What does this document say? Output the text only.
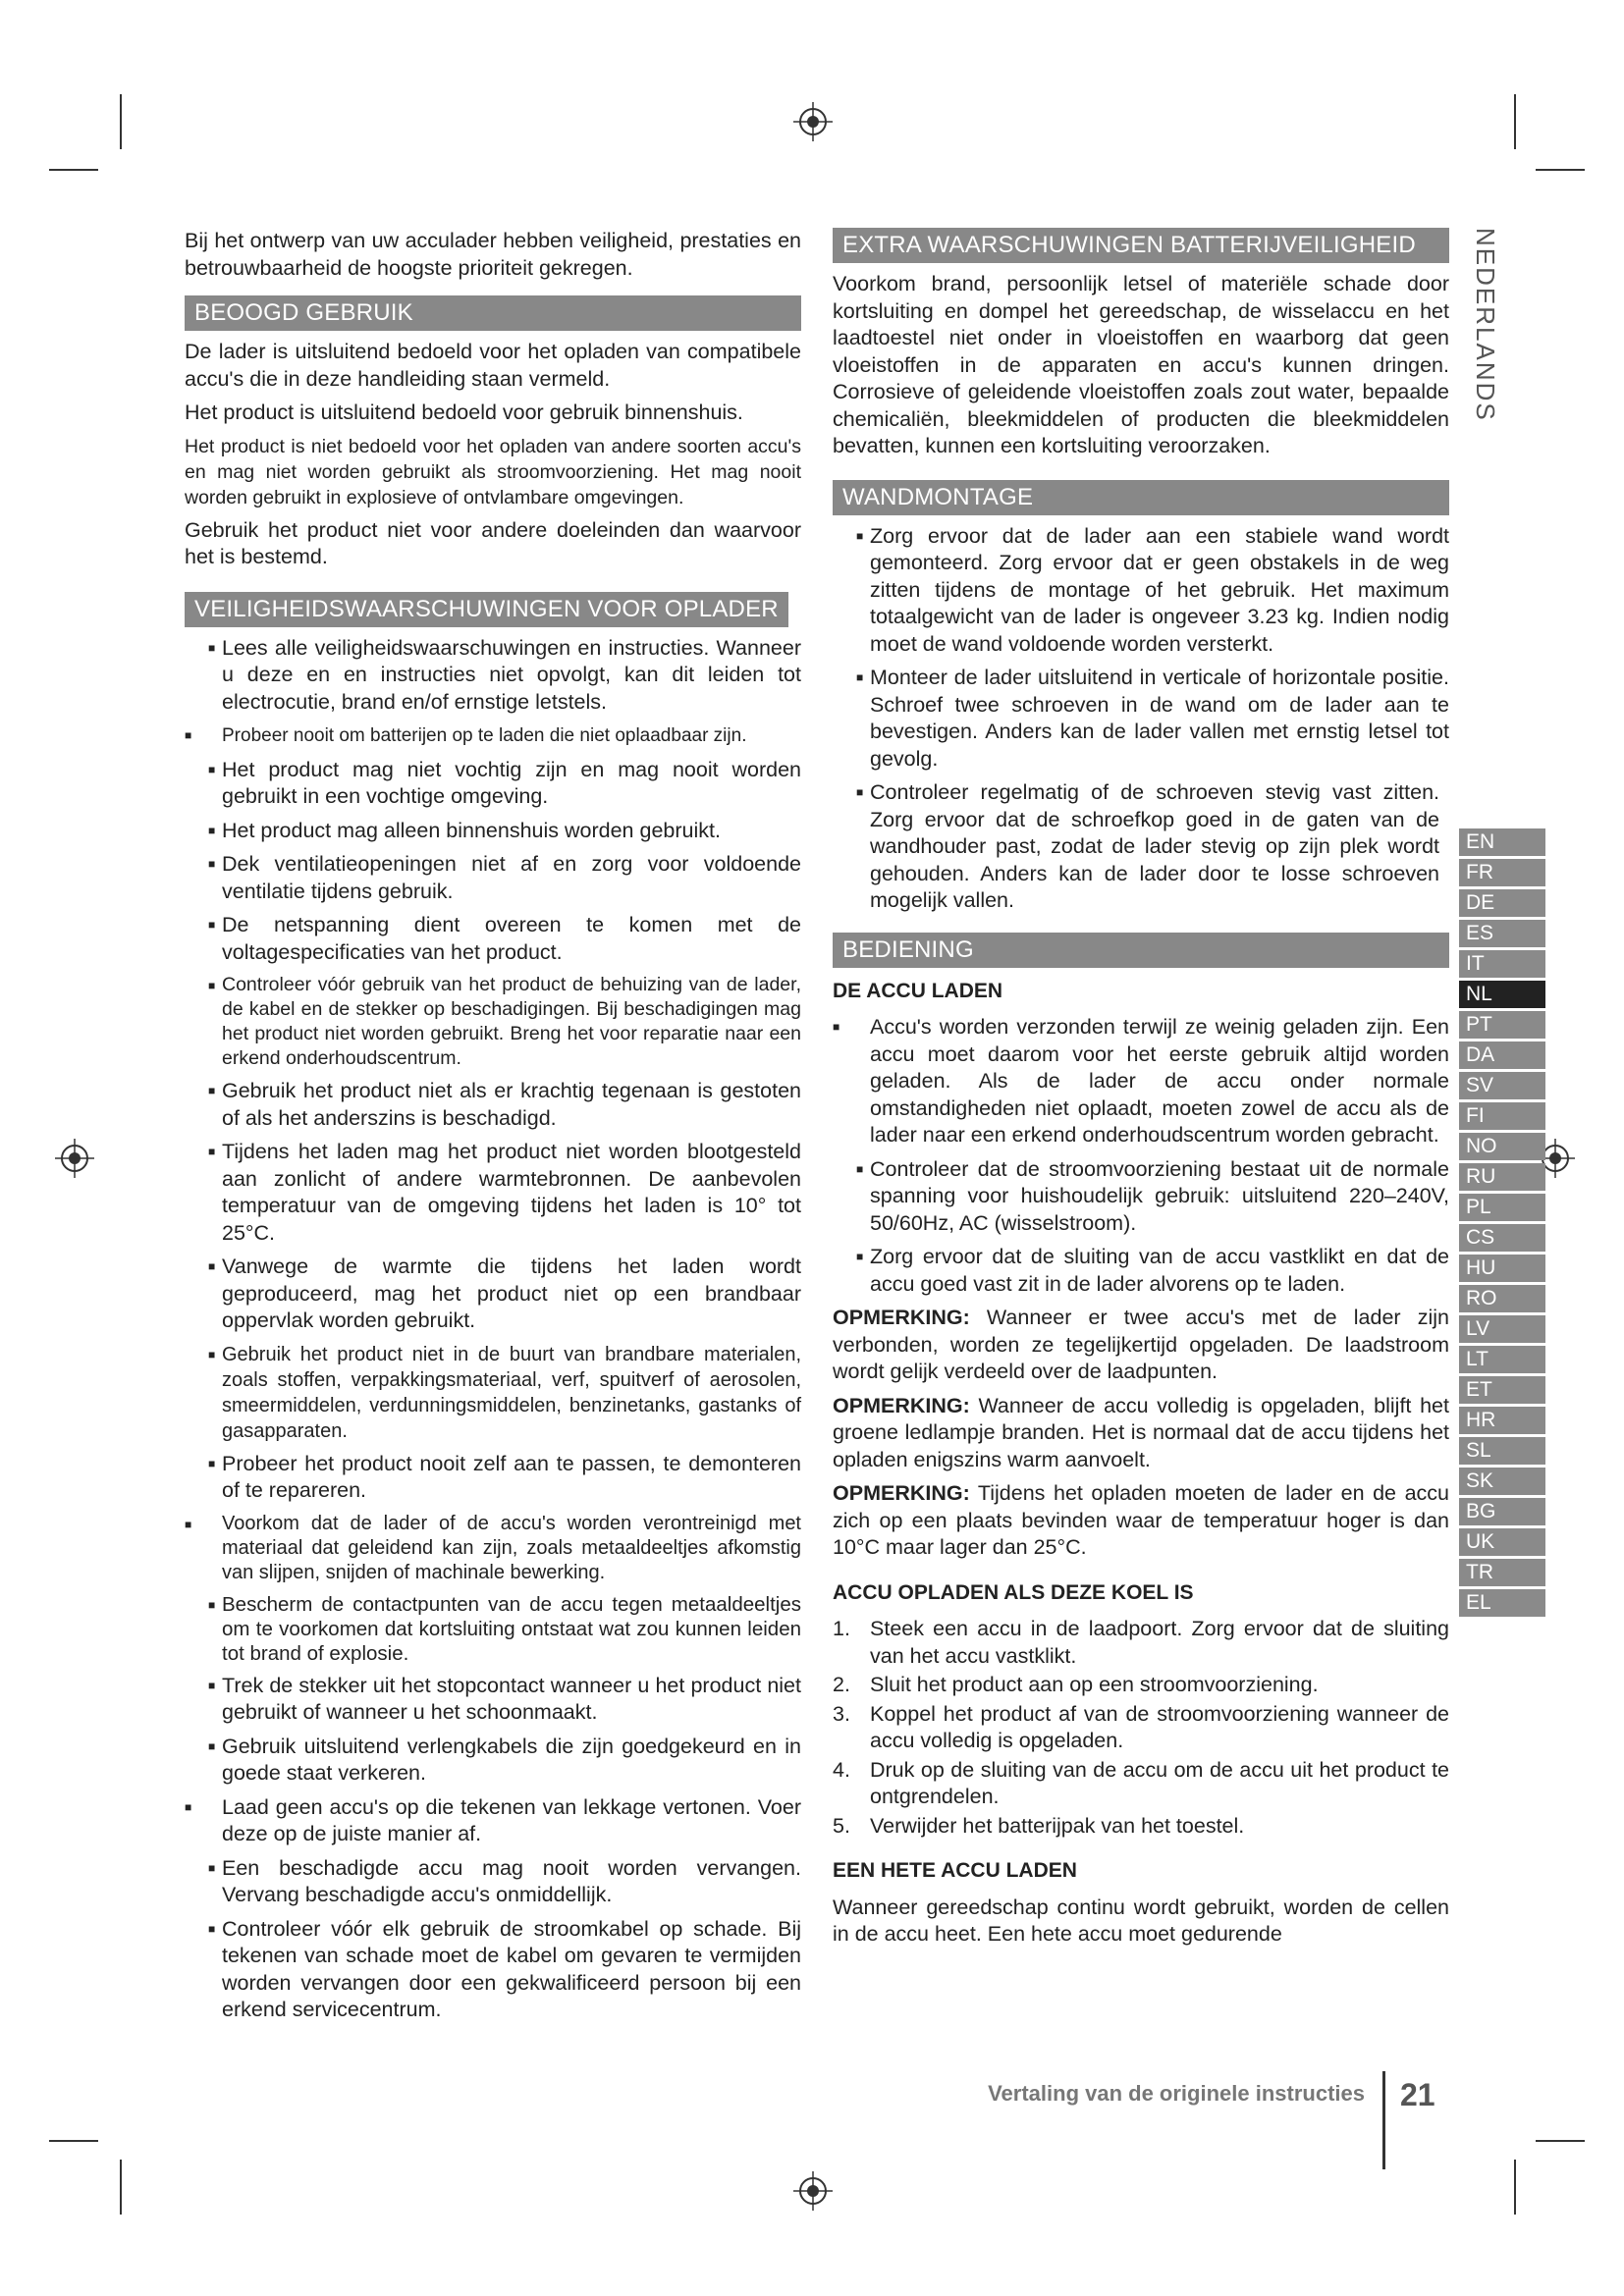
Bij het ontwerp van uw acculader hebben veiligheid, prestaties en betrouwbaarheid de hoogste prioriteit gekregen.

BEOOGD GEBRUIK

De lader is uitsluitend bedoeld voor het opladen van compatibele accu's die in deze handleiding staan vermeld.

Het product is uitsluitend bedoeld voor gebruik binnenshuis.

Het product is niet bedoeld voor het opladen van andere soorten accu's en mag niet worden gebruikt als stroomvoorziening. Het mag nooit worden gebruikt in explosieve of ontvlambare omgevingen.

Gebruik het product niet voor andere doeleinden dan waarvoor het is bestemd.

VEILIGHEIDSWAARSCHUWINGEN VOOR OPLADER
■ Lees alle veiligheidswaarschuwingen en instructies. Wanneer u deze en en instructies niet opvolgt, kan dit leiden tot electrocutie, brand en/of ernstige letstels.
■ Probeer nooit om batterijen op te laden die niet oplaadbaar zijn.
■ Het product mag niet vochtig zijn en mag nooit worden gebruikt in een vochtige omgeving.
■ Het product mag alleen binnenshuis worden gebruikt.
■ Dek ventilatieopeningen niet af en zorg voor voldoende ventilatie tijdens gebruik.
■ De netspanning dient overeen te komen met de voltagespecificaties van het product.
■ Controleer vóór gebruik van het product de behuizing van de lader, de kabel en de stekker op beschadigingen. Bij beschadigingen mag het product niet worden gebruikt. Breng het voor reparatie naar een erkend onderhoudscentrum.
■ Gebruik het product niet als er krachtig tegenaan is gestoten of als het anderszins is beschadigd.
■ Tijdens het laden mag het product niet worden blootgesteld aan zonlicht of andere warmtebronnen. De aanbevolen temperatuur van de omgeving tijdens het laden is 10° tot 25°C.
■ Vanwege de warmte die tijdens het laden wordt geproduceerd, mag het product niet op een brandbaar oppervlak worden gebruikt.
■ Gebruik het product niet in de buurt van brandbare materialen, zoals stoffen, verpakkingsmateriaal, verf, spuitverf of aerosolen, smeermiddelen, verdunningsmiddelen, benzinetanks, gastanks of gasapparaten.
■ Probeer het product nooit zelf aan te passen, te demonteren of te repareren.
■ Voorkom dat de lader of de accu's worden verontreinigd met materiaal dat geleidend kan zijn, zoals metaaldeeltjes afkomstig van slijpen, snijden of machinale bewerking.
■ Bescherm de contactpunten van de accu tegen metaaldeeltjes om te voorkomen dat kortsluiting ontstaat wat zou kunnen leiden tot brand of explosie.
■ Trek de stekker uit het stopcontact wanneer u het product niet gebruikt of wanneer u het schoonmaakt.
■ Gebruik uitsluitend verlengkabels die zijn goedgekeurd en in goede staat verkeren.
■ Laad geen accu's op die tekenen van lekkage vertonen. Voer deze op de juiste manier af.
■ Een beschadigde accu mag nooit worden vervangen. Vervang beschadigde accu's onmiddellijk.
■ Controleer vóór elk gebruik de stroomkabel op schade. Bij tekenen van schade moet de kabel om gevaren te vermijden worden vervangen door een gekwalificeerd persoon bij een erkend servicecentrum.
EXTRA WAARSCHUWINGEN BATTERIJVEILIGHEID

Voorkom brand, persoonlijk letsel of materiële schade door kortsluiting en dompel het gereedschap, de wisselaccu en het laadtoestel niet onder in vloeistoffen en waarborg dat geen vloeistoffen in de apparaten en accu's kunnen dringen. Corrosieve of geleidende vloeistoffen zoals zout water, bepaalde chemicaliën, bleekmiddelen of producten die bleekmiddelen bevatten, kunnen een kortsluiting veroorzaken.

WANDMONTAGE
■ Zorg ervoor dat de lader aan een stabiele wand wordt gemonteerd. Zorg ervoor dat er geen obstakels in de weg zitten tijdens de montage of het gebruik. Het maximum totaalgewicht van de lader is ongeveer 3.23 kg. Indien nodig moet de wand voldoende worden versterkt.
■ Monteer de lader uitsluitend in verticale of horizontale positie. Schroef twee schroeven in de wand om de lader aan te bevestigen. Anders kan de lader vallen met ernstig letsel tot gevolg.
■ Controleer regelmatig of de schroeven stevig vast zitten. Zorg ervoor dat de schroefkop goed in de gaten van de wandhouder past, zodat de lader stevig op zijn plek wordt gehouden. Anders kan de lader door te losse schroeven mogelijk vallen.
BEDIENING
DE ACCU LADEN
■ Accu's worden verzonden terwijl ze weinig geladen zijn. Een accu moet daarom voor het eerste gebruik altijd worden geladen. Als de lader de accu onder normale omstandigheden niet oplaadt, moeten zowel de accu als de lader naar een erkend onderhoudscentrum worden gebracht.
■ Controleer dat de stroomvoorziening bestaat uit de normale spanning voor huishoudelijk gebruik: uitsluitend 220–240V, 50/60Hz, AC (wisselstroom).
■ Zorg ervoor dat de sluiting van de accu vastklikt en dat de accu goed vast zit in de lader alvorens op te laden.

OPMERKING: Wanneer er twee accu's met de lader zijn verbonden, worden ze tegelijkertijd opgeladen. De laadstroom wordt gelijk verdeeld over de laadpunten.

OPMERKING: Wanneer de accu volledig is opgeladen, blijft het groene ledlampje branden. Het is normaal dat de accu tijdens het opladen enigszins warm aanvoelt.

OPMERKING: Tijdens het opladen moeten de lader en de accu zich op een plaats bevinden waar de temperatuur hoger is dan 10°C maar lager dan 25°C.

ACCU OPLADEN ALS DEZE KOEL IS
1. Steek een accu in de laadpoort. Zorg ervoor dat de sluiting van het accu vastklikt.
2. Sluit het product aan op een stroomvoorziening.
3. Koppel het product af van de stroomvoorziening wanneer de accu volledig is opgeladen.
4. Druk op de sluiting van de accu om de accu uit het product te ontgrendelen.
5. Verwijder het batterijpak van het toestel.
EEN HETE ACCU LADEN

Wanneer gereedschap continu wordt gebruikt, worden de cellen in de accu heet. Een hete accu moet gedurende

NEDERLANDS
EN
FR
DE
ES
IT
NL
PT
DA
SV
FI
NO
RU
PL
CS
HU
RO
LV
LT
ET
HR
SL
SK
BG
UK
TR
EL
Vertaling van de originele instructies 21
